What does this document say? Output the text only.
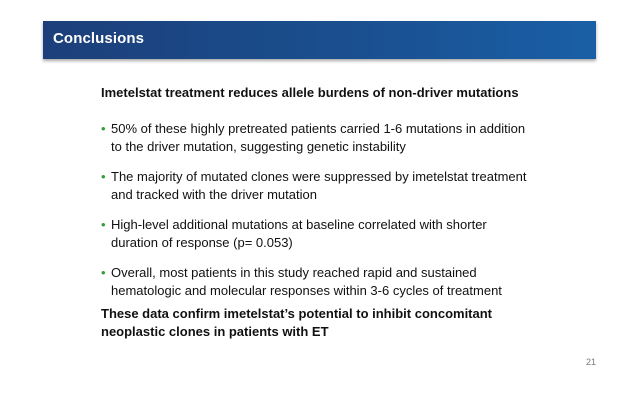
Conclusions
Imetelstat treatment reduces allele burdens of non-driver mutations
• 50% of these highly pretreated patients carried 1-6 mutations in addition to the driver mutation, suggesting genetic instability
• The majority of mutated clones were suppressed by imetelstat treatment and tracked with the driver mutation
• High-level additional mutations at baseline correlated with shorter duration of response (p= 0.053)
• Overall, most patients in this study reached rapid and sustained hematologic and molecular responses within 3-6 cycles of treatment
These data confirm imetelstat’s potential to inhibit concomitant neoplastic clones in patients with ET
21
